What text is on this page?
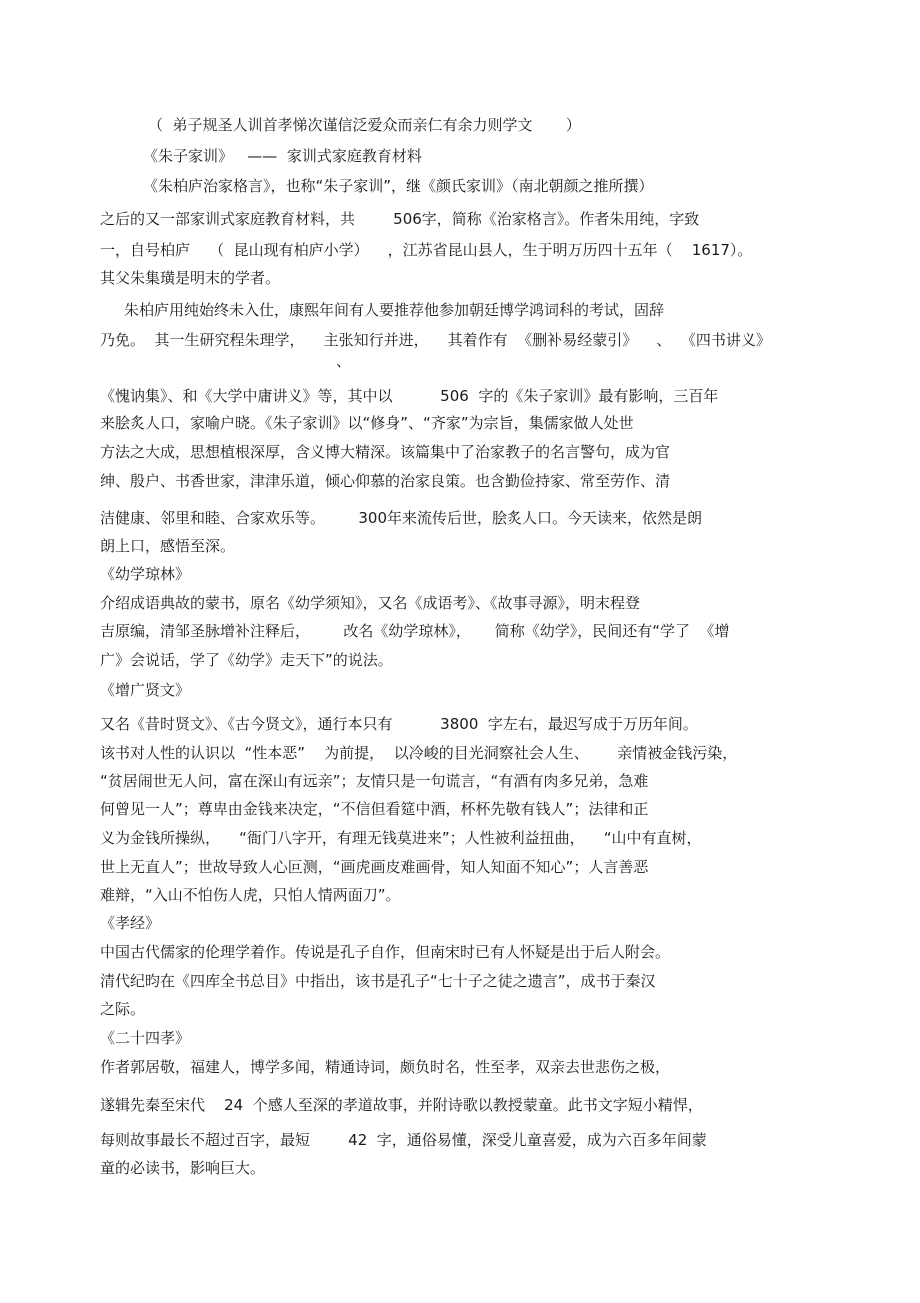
（  弟子规圣人训首孝悌次谨信泛爱众而亲仁有余力则学文       ）

《朱子家训》   ——  家训式家庭教育材料

《朱柏庐治家格言》，也称“朱子家训”，继《颜氏家训》（南北朝颜之推所撰）

之后的又一部家训式家庭教育材料，共        506字，简称《治家格言》。作者朱用纯，字致

一，自号柏庐    （  昆山现有柏庐小学）    ，江苏省昆山县人，生于明万历四十五年（    1617）。

其父朱集璜是明末的学者。

朱柏庐用纯始终未入仕，康熙年间有人要推荐他参加朝廷博学鸿词科的考试，固辞

乃免。  其一生研究程朱理学，    主张知行并进，    其着作有  《删补易经蒙引》    、  《四书讲义》

、

《愧讷集》、和《大学中庸讲义》等，其中以          506  字的《朱子家训》最有影响，三百年

来脍炙人口，家喻户晓。《朱子家训》以“修身”、“齐家”为宗旨，集儒家做人处世

方法之大成，思想植根深厚，含义博大精深。该篇集中了治家教子的名言警句，成为官

绅、殷户、书香世家，津津乐道，倾心仰慕的治家良策。也含勤俭持家、常至劳作、清

洁健康、邻里和睦、合家欢乐等。       300年来流传后世，脍炙人口。今天读来，依然是朗

朗上口，感悟至深。

《幼学琼林》

介绍成语典故的蒙书，原名《幼学须知》，又名《成语考》、《故事寻源》，明末程登

吉原编，清邹圣脉增补注释后，       改名《幼学琼林》，     简称《幼学》，民间还有“学了  《增

广》会说话，学了《幼学》走天下”的说法。

《增广贤文》

又名《昔时贤文》、《古今贤文》，通行本只有          3800  字左右，最迟写成于万历年间。

该书对人性的认识以  “性本恶”    为前提，  以冷峻的目光洞察社会人生、      亲情被金钱污染，

“贫居闹世无人问，富在深山有远亲”；友情只是一句谎言，“有酒有肉多兄弟，急难

何曾见一人”；尊卑由金钱来决定，“不信但看筵中酒，杯杯先敬有钱人”；法律和正

义为金钱所操纵，    “衙门八字开，有理无钱莫进来”；人性被利益扭曲，    “山中有直树，

世上无直人”；世故导致人心叵测，“画虎画皮难画骨，知人知面不知心”；人言善恶

难辩，“入山不怕伤人虎，只怕人情两面刀”。

《孝经》

中国古代儒家的伦理学着作。传说是孔子自作，但南宋时已有人怀疑是出于后人附会。

清代纪昀在《四库全书总目》中指出，该书是孔子“七十子之徒之遗言”，成书于秦汉

之际。

《二十四孝》

作者郭居敬，福建人，博学多闻，精通诗词，颇负时名，性至孝，双亲去世悲伤之极，

遂辑先秦至宋代    24  个感人至深的孝道故事，并附诗歌以教授蒙童。此书文字短小精悍，

每则故事最长不超过百字，最短        42  字，通俗易懂，深受儿童喜爱，成为六百多年间蒙

童的必读书，影响巨大。
